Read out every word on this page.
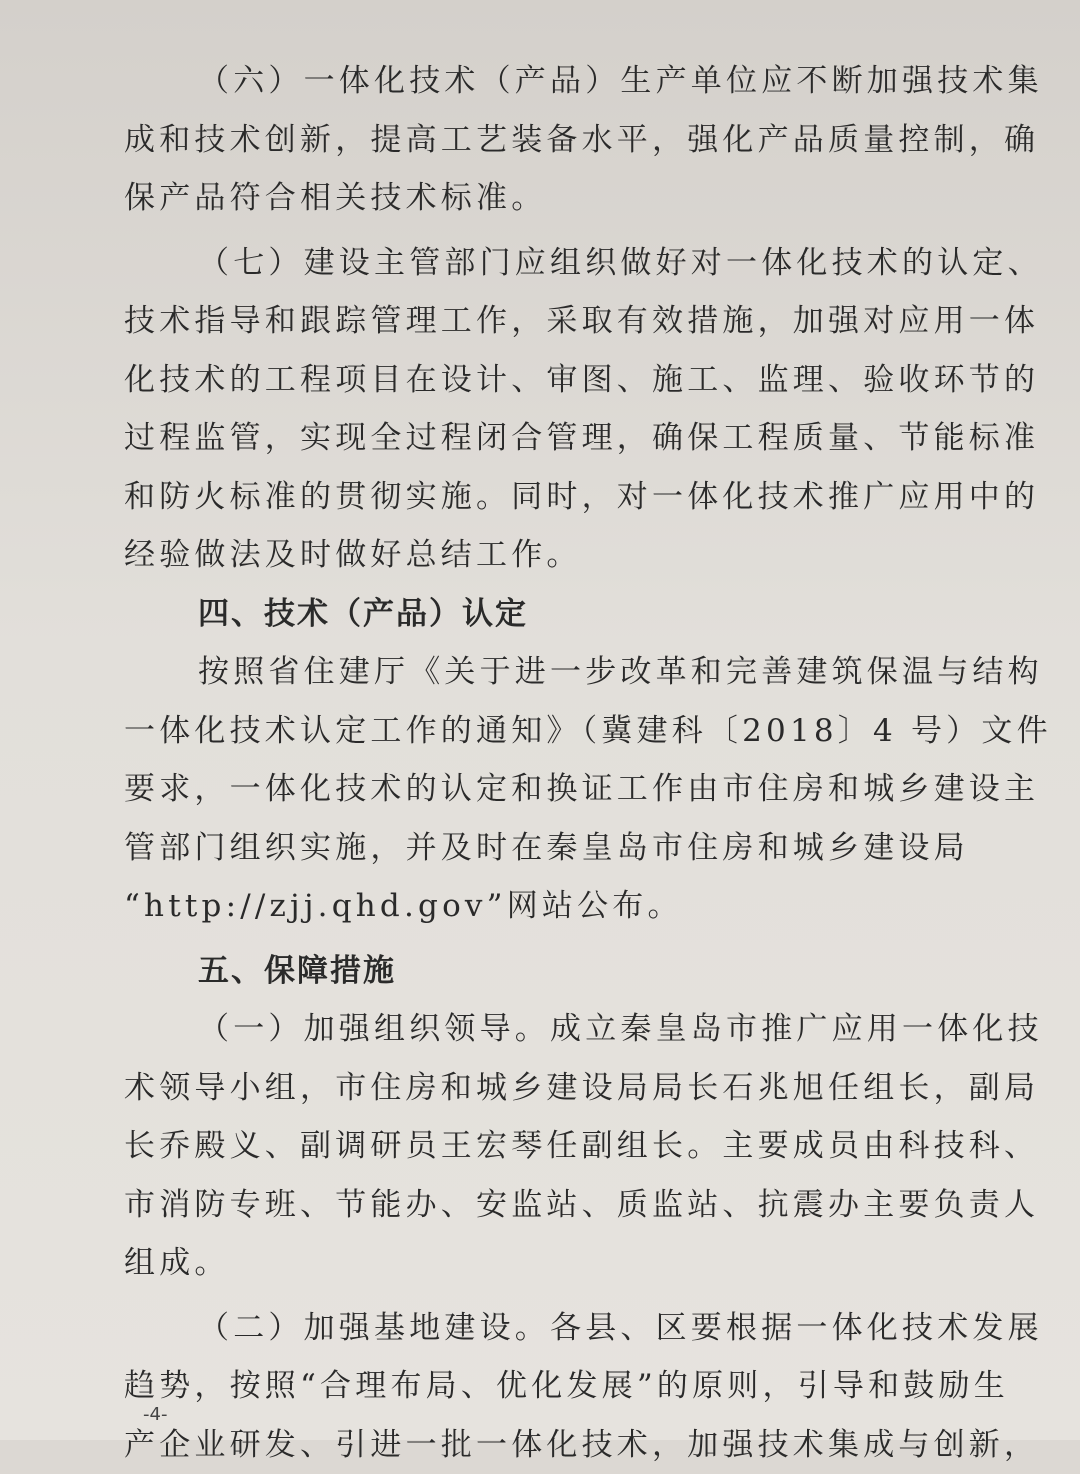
（六）一体化技术（产品）生产单位应不断加强技术集
成和技术创新，提高工艺装备水平，强化产品质量控制，确
保产品符合相关技术标准。
（七）建设主管部门应组织做好对一体化技术的认定、
技术指导和跟踪管理工作，采取有效措施，加强对应用一体
化技术的工程项目在设计、审图、施工、监理、验收环节的
过程监管，实现全过程闭合管理，确保工程质量、节能标准
和防火标准的贯彻实施。同时，对一体化技术推广应用中的
经验做法及时做好总结工作。
四、技术（产品）认定
按照省住建厅《关于进一步改革和完善建筑保温与结构
一体化技术认定工作的通知》（冀建科〔2018〕4 号）文件
要求，一体化技术的认定和换证工作由市住房和城乡建设主
管部门组织实施，并及时在秦皇岛市住房和城乡建设局
“http://zjj.qhd.gov”网站公布。
五、保障措施
（一）加强组织领导。成立秦皇岛市推广应用一体化技
术领导小组，市住房和城乡建设局局长石兆旭任组长，副局
长乔殿义、副调研员王宏琴任副组长。主要成员由科技科、
市消防专班、节能办、安监站、质监站、抗震办主要负责人
组成。
（二）加强基地建设。各县、区要根据一体化技术发展
趋势，按照“合理布局、优化发展”的原则，引导和鼓励生
产企业研发、引进一批一体化技术，加强技术集成与创新，
-4-
